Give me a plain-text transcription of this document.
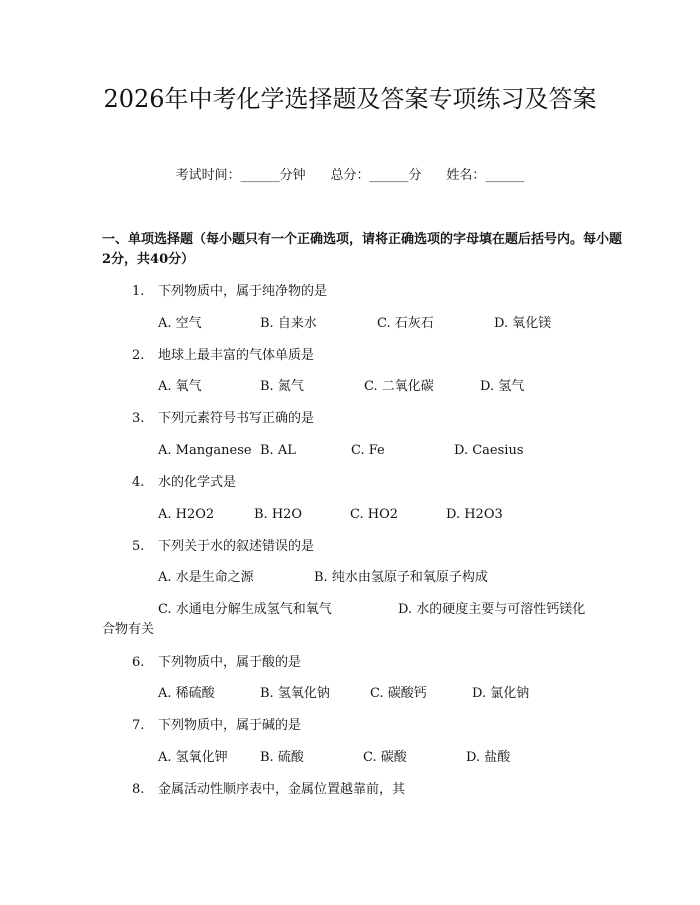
2026年中考化学选择题及答案专项练习及答案
考试时间：______分钟 总分：______分 姓名：______

一、单项选择题（每小题只有一个正确选项，请将正确选项的字母填在题后括号内。每小题2分，共40分）

1. 下列物质中，属于纯净物的是
A. 空气	B. 自来水	C. 石灰石	D. 氧化镁
2. 地球上最丰富的气体单质是
A. 氧气	B. 氮气	C. 二氧化碳	D. 氢气
3. 下列元素符号书写正确的是
A. Manganese B. AL	C. Fe	D. Caesius
4. 水的化学式是
A. H2O2	B. H2O	C. HO2	D. H2O3
5. 下列关于水的叙述错误的是
A. 水是生命之源	B. 纯水由氢原子和氧原子构成
C. 水通电分解生成氢气和氧气	D. 水的硬度主要与可溶性钙镁化
合物有关
6. 下列物质中，属于酸的是
A. 稀硫酸	B. 氢氧化钠	C. 碳酸钙	D. 氯化钠
7. 下列物质中，属于碱的是
A. 氢氧化钾 B. 硫酸	C. 碳酸	D. 盐酸
8. 金属活动性顺序表中，金属位置越靠前，其
